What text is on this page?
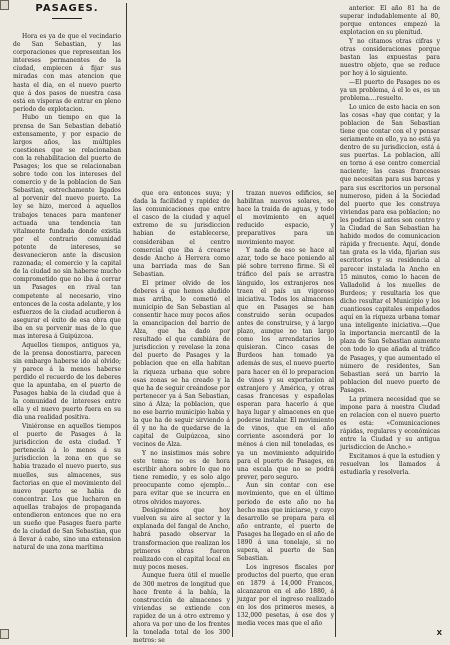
PASAGES.

Hora es ya de que el vecindario de San Sebastian, y las corporaciones que representan los intereses permanentes de la ciudad, empiecen á fijar sus miradas con mas atencion que hasta el dia, en el nuevo puerto que á dos pasos de nuestra casa está en vísperas de entrar en pleno período de explotacion.

Hubo un tiempo en que la prensa de San Sebastian debatió extensamente, y por espacio de largos años, las múltiples cuestiones que se relacionaban con la rehabilitacion del puerto de Pasages; los que se relacionaban sobre todo con los intereses del comercio y de la poblacion de San Sebastian, estrechamente ligados al porvenir del nuevo puerto. La ley se hizo, merced á aquellos trabajos tenaces para mantener actuada una tendencia tan vitalmente fundada donde existia por el contrario comunidad potente de intereses, se desvanecieron ante la discusion razonada; el comercio y la capital de la ciudad no sin haberse mucho comprometido que no iba á cerrar un Pasages en rival tan competente al necesario, vino entonces de la costa adelante, y los esfuerzos de la ciudad acudieron á asegurar el éxito de esa obra que iba en su porvenir mas de lo que mas interesa á Guipúzcoa.

Aquellos tiempos, antiguos ya, de la prensa donostiarra, parecen sin embargo haberse ido al olvido; y parece á la menos haberse perdido el recuerdo de los deberes que la apuntaba, en el puerto de Pasages habia de la ciudad que á la comunidad de intereses entre ella y el nuevo puerto fuera en su dia una realidad positiva.

Viniéronse en aquellos tiempos el puerto de Pasages á la jurisdiccion de esta ciudad. Y perteneciá á lo menos á su jurisdiccion la zona en que se habia trazado el nuevo puerto, sus muelles, sus almacenes, sus factorias en que el movimiento del nuevo puerto se habia de concentrar. Los que lucharon en aquellas trabajos de propaganda entendieron entonces que no era un sueño que Pasages fuera parte de la ciudad de San Sebastian, que á llevar á cabo, sino una extension natural de una zona marítima

que era entonces suya; y dada la facilidad y rapidez de las comunicaciones que entre el casco de la ciudad y aquel extremo de su jurisdiccion habian de establecerse, considerában el centro comercial que iba á crearse desde Ancho á Herrera como una barriada mas de San Sebastian.

El primer olvido de los deberes á que hemos aludido mas arriba, lo cometió el municipio de San Sebastian al consentir hace muy pocos años la emancipacion del barrio de Alza, que ha dado por resultado el que cambiára de jurisdiccion y revelase la zona del puerto de Pasages y la poblacion que en ella habitan la riqueza urbana que sobre esas zonas se ha creado y la que ha de seguir creándose por pertenecer ya á San Sebastian, sino á Alza; la poblacion, que no ese barrio municipio habia y la que ha de seguir sirviendo á él y no ha de quedarse de la capital de Guipúzcoa, sino vecinos de Alza.

Y no insistimos más sobre este tema: no es de hora escribir ahora sobre lo que no tiene remedio, y es solo algo preocupante como ejemplo... para evitar que se incurra en otros olvidos mayores.

Designémos que hoy vuelven su aire al sector y la explanada del fangal de Ancho, habrá pasado observar la transformacion que realizan los primeros obras fueron realizado con el capital local en muy pocos meses.

Aunque fuera útil el muelle de 300 metros de longitud que hace frente á la bahía, la construcción de almacenes y viviendas se extiende con rapidez de un á otro extremo y ahora va por uno de los frentes la tonelada total de los 300 metros: se

trazan nuevos edificios, se habilitan nuevos solares, se hace la traida de aguas, y todo el movimiento en aquel reducido espacio, y preparativos para un movimiento mayor.

Y nada de eso se hace al azar, todo se hace poniendo al pié sobre terreno firme. Si el tráfico del país se arrastra lánguido, los extranjeros nos traen el país un vigoroso iniciativa. Todos los almacenes que en Pasages se han construido serán ocupados antes de construirse, y á largo plazo, aunque no tan largo como los arrendatarios lo quisieran. Cinco casas de Burdeos han tomado ya además de sus, el nuevo puerto para hacer en él lo preparacion de vinos y su exportacion al extranjero y América, y otras casas francesas y españolas esperan para hacerlo á que haya lugar y almacenes en que poderse instalar. El movimiento de vinos, que en el año corriente ascenderá por lo ménos á cien mil toneladas, es ya un movimiento adquirido para el puerto de Pasages, en una escala que no se podrá prever, pero seguro.

Aun sin contar con ese movimiento, que en el último periodo de este año no ha hecho mas que iniciarse, y cuyo desarrollo se prepara para el año entrante, el puerto de Pasages ha llegado en el año de 1890 á una tonelaje, si no supera, al puerto de San Sebastian.

Los ingresos fiscales por productos del puerto, que eran en 1879 á 14,000 Francos, alcanzaron en el año 1880, á juzgar por el ingreso realizado en los dos primeros meses, a 132,000 pesetas, á ese dos y media veces mas que el año

anterior. El año 81 ha de superar indudablemente al 80, porque entonces empezó la explotacion en su plenitud.

Y no citamos otras cifras y otras consideraciones porque bastan las expuestas para nuestro objeto, que se reduce por hoy á lo siguiente.

—El puerto de Pasages no es ya un problema, á el lo es, es un problema....resuelto.

Lo unico de esto hacia en son las cosas «hay que contar, y la poblacion de San Sebastian tiene que contar con el y pensar seriamente en ello, ya no está ya dentro de su jurisdiccion, está á sus puertas. La poblacion, allí en torno á ese centro comercial naciente; las casas francesas que necesitan para sus barcas y para sus escritorios un personal numeroso, piden á la Sociedad del puerto que les construya viviendas para esa poblacion; no les podrian si antes son centro y la Ciudad de San Sebastian ha habido modos de comunicacion rápida y frecuente. Aquí, donde tan grata es la vida, fijarian sus escritorios y su residencia al parecer instalada la Ancho en 15 minutos, como lo hacen de Valladolid á los muelles de Burdeos; y resultaria los que dicho resultar el Municipio y los cuantiosos capitales empeñados aquí en la riqueza urbana tomar una inteligente iniciativa.—Que la importancia mercantil de la plaza de San Sebastian aumente con todo lo que añada al tráfico de Pasages, y que aumentado el número de residentes, San Sebastian será un barrio la poblacion del nuevo puerto de Pasages.

La primera necesidad que se impone para á nuestra Ciudad en relacion con el nuevo puerto es esta: «Comunicaciones rápidas, regulares y económicas entre la Ciudad y su antigua jurisdiccion de Ancho.»

Excitamos á que la estudien y resuelvan los llamados á estudiarla y resolverla.

X
